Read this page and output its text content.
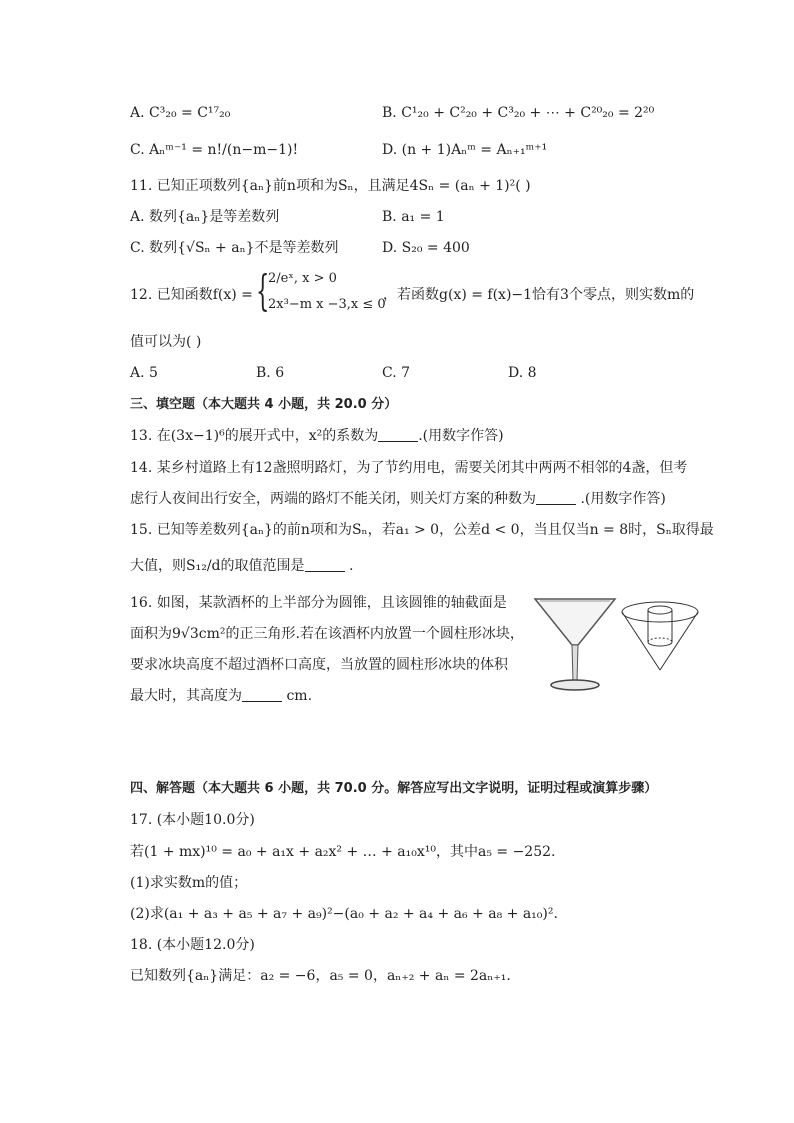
A. C³₂₀ = C¹⁷₂₀	B. C¹₂₀ + C²₂₀ + C³₂₀ + ⋯ + C²⁰₂₀ = 2²⁰
C. Aₙᵐ⁻¹ = n!/(n−m−1)!	D. (n + 1)Aₙᵐ = Aₙ₊₁ᵐ⁺¹
11. 已知正项数列{aₙ}前n项和为Sₙ，且满足4Sₙ = (aₙ + 1)²( )
A. 数列{aₙ}是等差数列	B. a₁ = 1
C. 数列{√Sₙ + aₙ}不是等差数列	D. S₂₀ = 400
12. 已知函数f(x) = {
2/eˣ, x > 0
2x³−m x −3,x ≤ 0
，若函数g(x) = f(x)−1恰有3个零点，则实数m的
值可以为( )
A. 5	B. 6	C. 7	D. 8
三、填空题（本大题共 4 小题，共 20.0 分）
13. 在(3x−1)⁶的展开式中，x²的系数为	.(用数字作答)
14. 某乡村道路上有12盏照明路灯，为了节约用电，需要关闭其中两两不相邻的4盏，但考
虑行人夜间出行安全，两端的路灯不能关闭，则关灯方案的种数为	.(用数字作答)
15. 已知等差数列{aₙ}的前n项和为Sₙ，若a₁ > 0，公差d < 0，当且仅当n = 8时，Sₙ取得最
大值，则S₁₂/d的取值范围是	.
16. 如图，某款酒杯的上半部分为圆锥，且该圆锥的轴截面是
面积为9√3cm²的正三角形.若在该酒杯内放置一个圆柱形冰块，
要求冰块高度不超过酒杯口高度，当放置的圆柱形冰块的体积
最大时，其高度为	cm.
四、解答题（本大题共 6 小题，共 70.0 分。解答应写出文字说明，证明过程或演算步骤）
17. (本小题10.0分)
若(1 + mx)¹⁰ = a₀ + a₁x + a₂x² + … + a₁₀x¹⁰，其中a₅ = −252.
(1)求实数m的值；
(2)求(a₁ + a₃ + a₅ + a₇ + a₉)²−(a₀ + a₂ + a₄ + a₆ + a₈ + a₁₀)².
18. (本小题12.0分)
已知数列{aₙ}满足：a₂ = −6，a₅ = 0，aₙ₊₂ + aₙ = 2aₙ₊₁.
